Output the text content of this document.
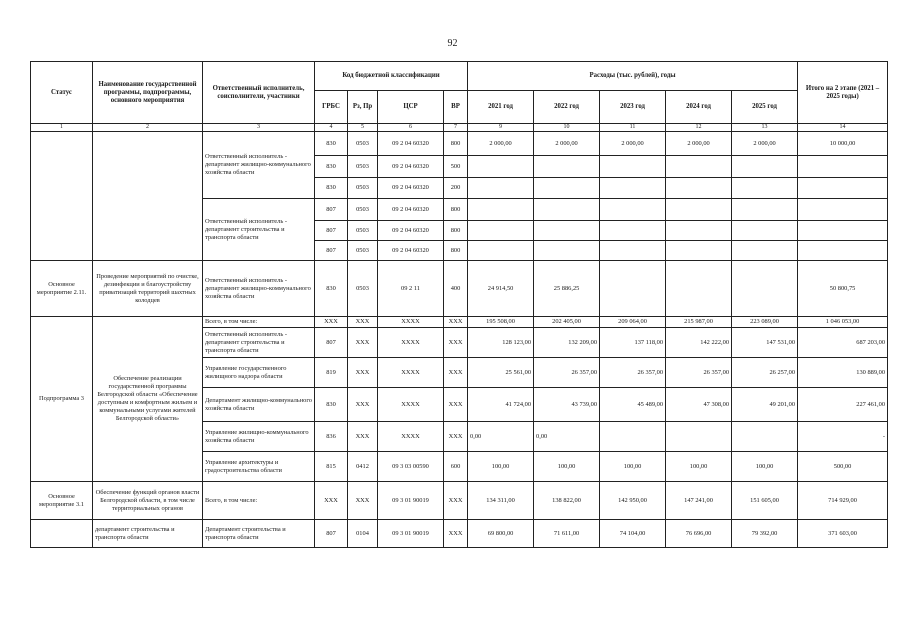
92
Статус	Наименование государственной программы, подпрограммы, основного мероприятия	Ответственный исполнитель, соисполнители, участники	Код бюджетной классификации				Расходы (тыс. рублей), годы					Итого на 2 этапе (2021 – 2025 годы)
			ГРБС	Рз, Пр	ЦСР	ВР	2021 год	2022 год	2023 год	2024 год	2025 год	
1	2	3	4	5	6	7	9	10	11	12	13	14
		Ответственный исполнитель - департамент жилищно-коммунального хозяйства области	830	0503	09 2 04 60320	800	2 000,00	2 000,00	2 000,00	2 000,00	2 000,00	10 000,00
			830	0503	09 2 04 60320	500						
			830	0503	09 2 04 60320	200						
		Ответственный исполнитель - департамент строительства и транспорта области	807	0503	09 2 04 60320	800						
			807	0503	09 2 04 60320	800						
			807	0503	09 2 04 60320	800						
Основное мероприятие 2.11.	Проведение мероприятий по очистке, дезинфекции и благоустройству приватизаций территорий шахтных колодцев	Ответственный исполнитель - департамент жилищно-коммунального хозяйства области	830	0503	09 2 11	400	24 914,50	25 886,25				50 800,75
Подпрограмма 3	Обеспечение реализации государственной программы Белгородской области «Обеспечение доступным и комфортным жильем и коммунальными услугами жителей Белгородской области»	Всего, в том числе:	XXX	XXX	XXXX	XXX	195 508,00	202 405,00	209 064,00	215 987,00	223 089,00	1 046 053,00
		Ответственный исполнитель - департамент строительства и транспорта области	807	XXX	XXXX	XXX	128 123,00	132 209,00	137 118,00	142 222,00	147 531,00	687 203,00
		Управление государственного жилищного надзора области	819	XXX	XXXX	XXX	25 561,00	26 357,00	26 357,00	26 357,00	26 257,00	130 889,00
		Департамент жилищно-коммунального хозяйства области	830	XXX	XXXX	XXX	41 724,00	43 739,00	45 489,00	47 308,00	49 201,00	227 461,00
		Управление жилищно-коммунального хозяйства области	836	XXX	XXXX	XXX	0,00	0,00				-
		Управление архитектуры и градостроительства области	815	0412	09 3 03 00590	600	100,00	100,00	100,00	100,00	100,00	500,00
Основное мероприятие 3.1	Обеспечение функций органов власти Белгородской области, в том числе территориальных органов	Всего, в том числе:	XXX	XXX	09 3 01 90019	XXX	134 311,00	138 822,00	142 950,00	147 241,00	151 605,00	714 929,00
	департамент строительства и транспорта области	Департамент строительства и транспорта области	807	0104	09 3 01 90019	XXX	69 800,00	71 611,00	74 104,00	76 696,00	79 392,00	371 603,00
